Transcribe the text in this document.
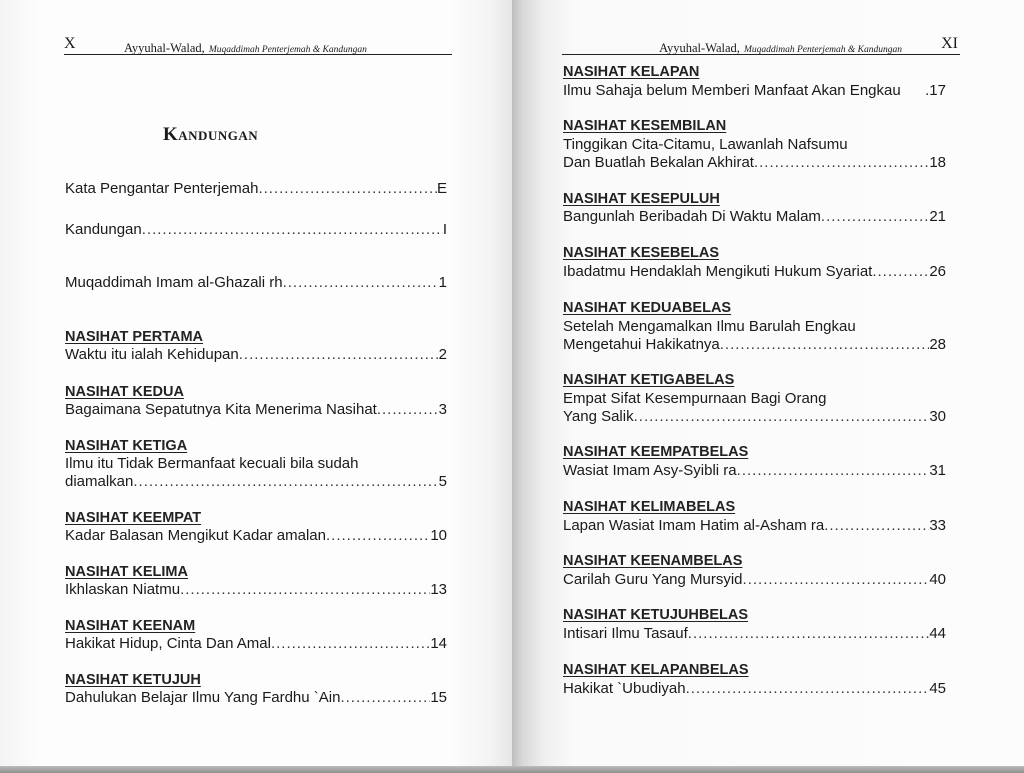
X	Ayyuhal-Walad, Muqaddimah Penterjemah & Kandungan
Kandungan
Kata Pengantar Penterjemah .....	E
Kandungan .....	I
Muqaddimah Imam al-Ghazali rh .....	1
NASIHAT PERTAMA
Waktu itu ialah Kehidupan .....	2
NASIHAT KEDUA
Bagaimana Sepatutnya Kita Menerima Nasihat .....	3
NASIHAT KETIGA
Ilmu itu Tidak Bermanfaat kecuali bila sudah
diamalkan .....	5
NASIHAT KEEMPAT
Kadar Balasan Mengikut Kadar amalan .....	10
NASIHAT KELIMA
Ikhlaskan Niatmu .....	13
NASIHAT KEENAM
Hakikat Hidup, Cinta Dan Amal .....	14
NASIHAT KETUJUH
Dahulukan Belajar Ilmu Yang Fardhu `Ain .....	15
Ayyuhal-Walad, Muqaddimah Penterjemah & Kandungan XI
NASIHAT KELAPAN
Ilmu Sahaja belum Memberi Manfaat Akan Engkau .17
NASIHAT KESEMBILAN
Tinggikan Cita-Citamu, Lawanlah Nafsumu
Dan Buatlah Bekalan Akhirat .....	18
NASIHAT KESEPULUH
Bangunlah Beribadah Di Waktu Malam .....	21
NASIHAT KESEBELAS
Ibadatmu Hendaklah Mengikuti Hukum Syariat .....	26
NASIHAT KEDUABELAS
Setelah Mengamalkan Ilmu Barulah Engkau
Mengetahui Hakikatnya .....	28
NASIHAT KETIGABELAS
Empat Sifat Kesempurnaan Bagi Orang
Yang Salik .....	30
NASIHAT KEEMPATBELAS
Wasiat Imam Asy-Syibli ra .....	31
NASIHAT KELIMABELAS
Lapan Wasiat Imam Hatim al-Asham ra .....	33
NASIHAT KEENAMBELAS
Carilah Guru Yang Mursyid .....	40
NASIHAT KETUJUHBELAS
Intisari Ilmu Tasauf .....	44
NASIHAT KELAPANBELAS
Hakikat `Ubudiyah .....	45
